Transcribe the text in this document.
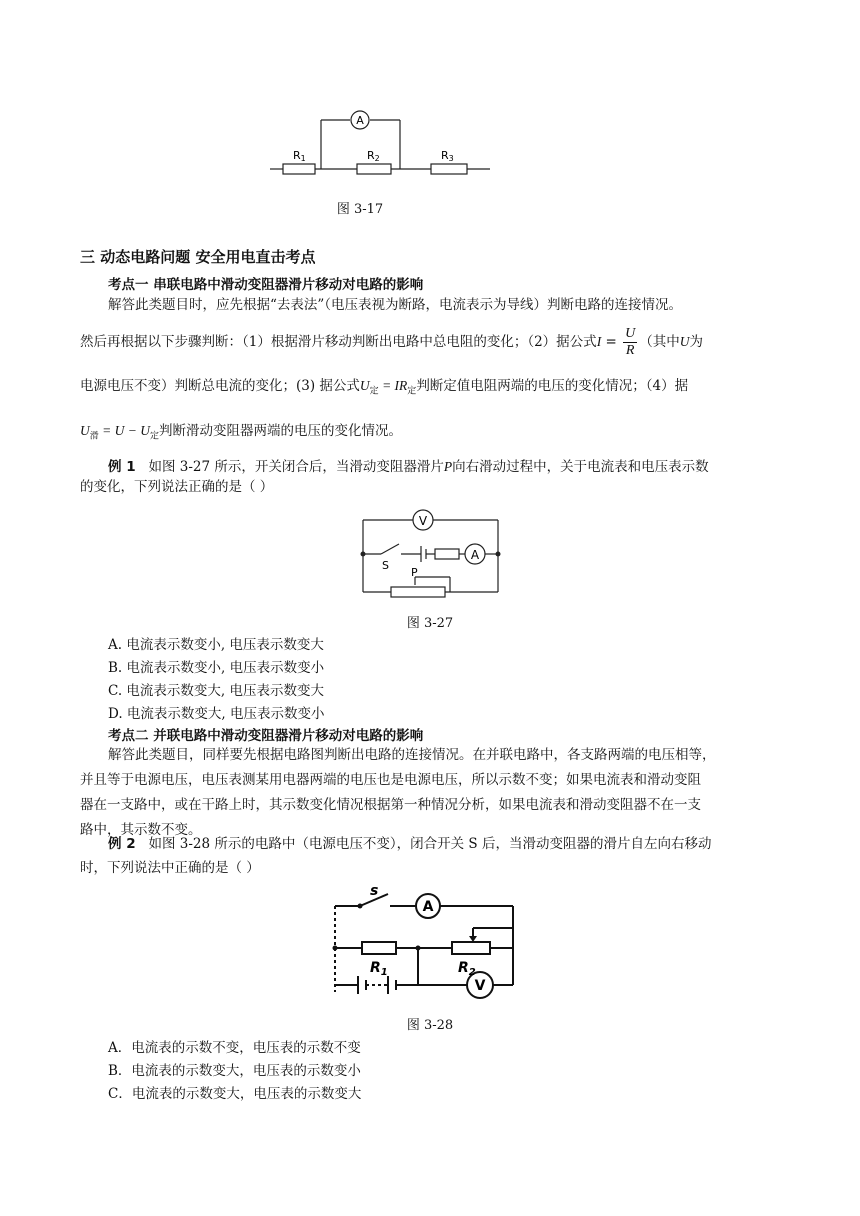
A
R1	R2	R3
图 3-17
三 动态电路问题 安全用电直击考点
考点一 串联电路中滑动变阻器滑片移动对电路的影响
解答此类题目时，应先根据“去表法”（电压表视为断路，电流表示为导线）判断电路的连接情况。
然后再根据以下步骤判断：（1）根据滑片移动判断出电路中总电阻的变化；（2）据公式$I = \frac{U}{R}$ （其中U为
电源电压不变）判断总电流的变化；(3) 据公式$U_定 = IR_定$判断定值电阻两端的电压的变化情况；（4）据
$U_滑 = U - U_定$判断滑动变阻器两端的电压的变化情况。
例 1 如图 3-27 所示，开关闭合后，当滑动变阻器滑片P向右滑动过程中，关于电流表和电压表示数
的变化，下列说法正确的是（ ）
V
A
S
P
图 3-27
A. 电流表示数变小, 电压表示数变大
B. 电流表示数变小, 电压表示数变小
C. 电流表示数变大, 电压表示数变大
D. 电流表示数变大, 电压表示数变小
考点二 并联电路中滑动变阻器滑片移动对电路的影响
解答此类题目，同样要先根据电路图判断出电路的连接情况。在并联电路中，各支路两端的电压相等，
并且等于电源电压，电压表测某用电器两端的电压也是电源电压，所以示数不变；如果电流表和滑动变阻
器在一支路中，或在干路上时，其示数变化情况根据第一种情况分析，如果电流表和滑动变阻器不在一支
路中，其示数不变。
例 2 如图 3-28 所示的电路中（电源电压不变），闭合开关 S 后，当滑动变阻器的滑片自左向右移动
时，下列说法中正确的是（ ）
s
A
V
$R_1$	$R_2$
图 3-28
A．电流表的示数不变，电压表的示数不变
B．电流表的示数变大，电压表的示数变小
C．电流表的示数变大，电压表的示数变大
